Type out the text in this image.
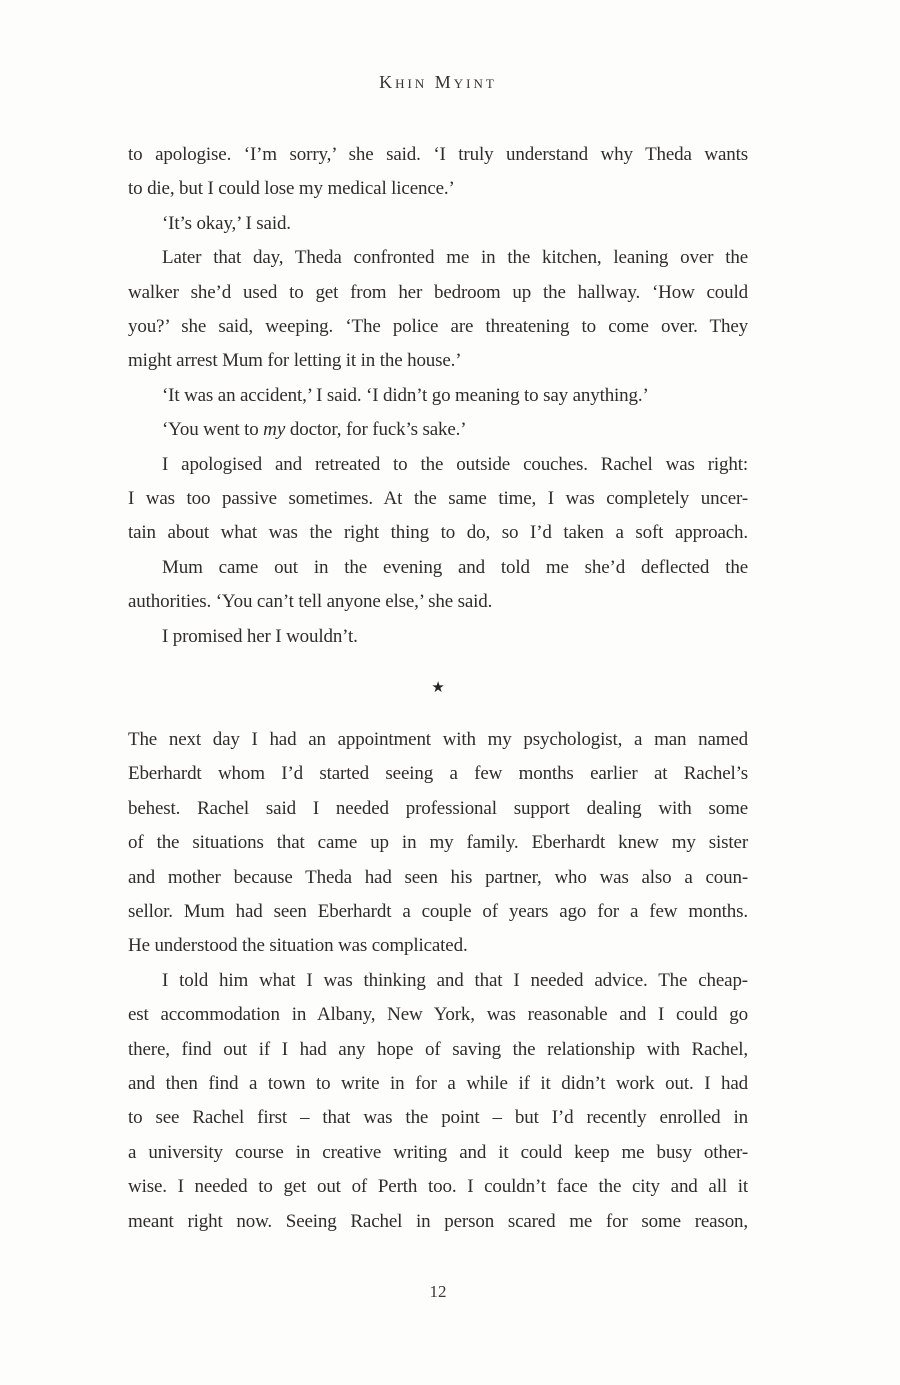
Khin Myint
to apologise. ‘I’m sorry,’ she said. ‘I truly understand why Theda wants
to die, but I could lose my medical licence.’
‘It’s okay,’ I said.
Later that day, Theda confronted me in the kitchen, leaning over the
walker she’d used to get from her bedroom up the hallway. ‘How could
you?’ she said, weeping. ‘The police are threatening to come over. They
might arrest Mum for letting it in the house.’
‘It was an accident,’ I said. ‘I didn’t go meaning to say anything.’
‘You went to my doctor, for fuck’s sake.’
I apologised and retreated to the outside couches. Rachel was right:
I was too passive sometimes. At the same time, I was completely uncer-
tain about what was the right thing to do, so I’d taken a soft approach.
Mum came out in the evening and told me she’d deflected the
authorities. ‘You can’t tell anyone else,’ she said.
I promised her I wouldn’t.
★
The next day I had an appointment with my psychologist, a man named
Eberhardt whom I’d started seeing a few months earlier at Rachel’s
behest. Rachel said I needed professional support dealing with some
of the situations that came up in my family. Eberhardt knew my sister
and mother because Theda had seen his partner, who was also a coun-
sellor. Mum had seen Eberhardt a couple of years ago for a few months.
He understood the situation was complicated.
I told him what I was thinking and that I needed advice. The cheap-
est accommodation in Albany, New York, was reasonable and I could go
there, find out if I had any hope of saving the relationship with Rachel,
and then find a town to write in for a while if it didn’t work out. I had
to see Rachel first – that was the point – but I’d recently enrolled in
a university course in creative writing and it could keep me busy other-
wise. I needed to get out of Perth too. I couldn’t face the city and all it
meant right now. Seeing Rachel in person scared me for some reason,
12
